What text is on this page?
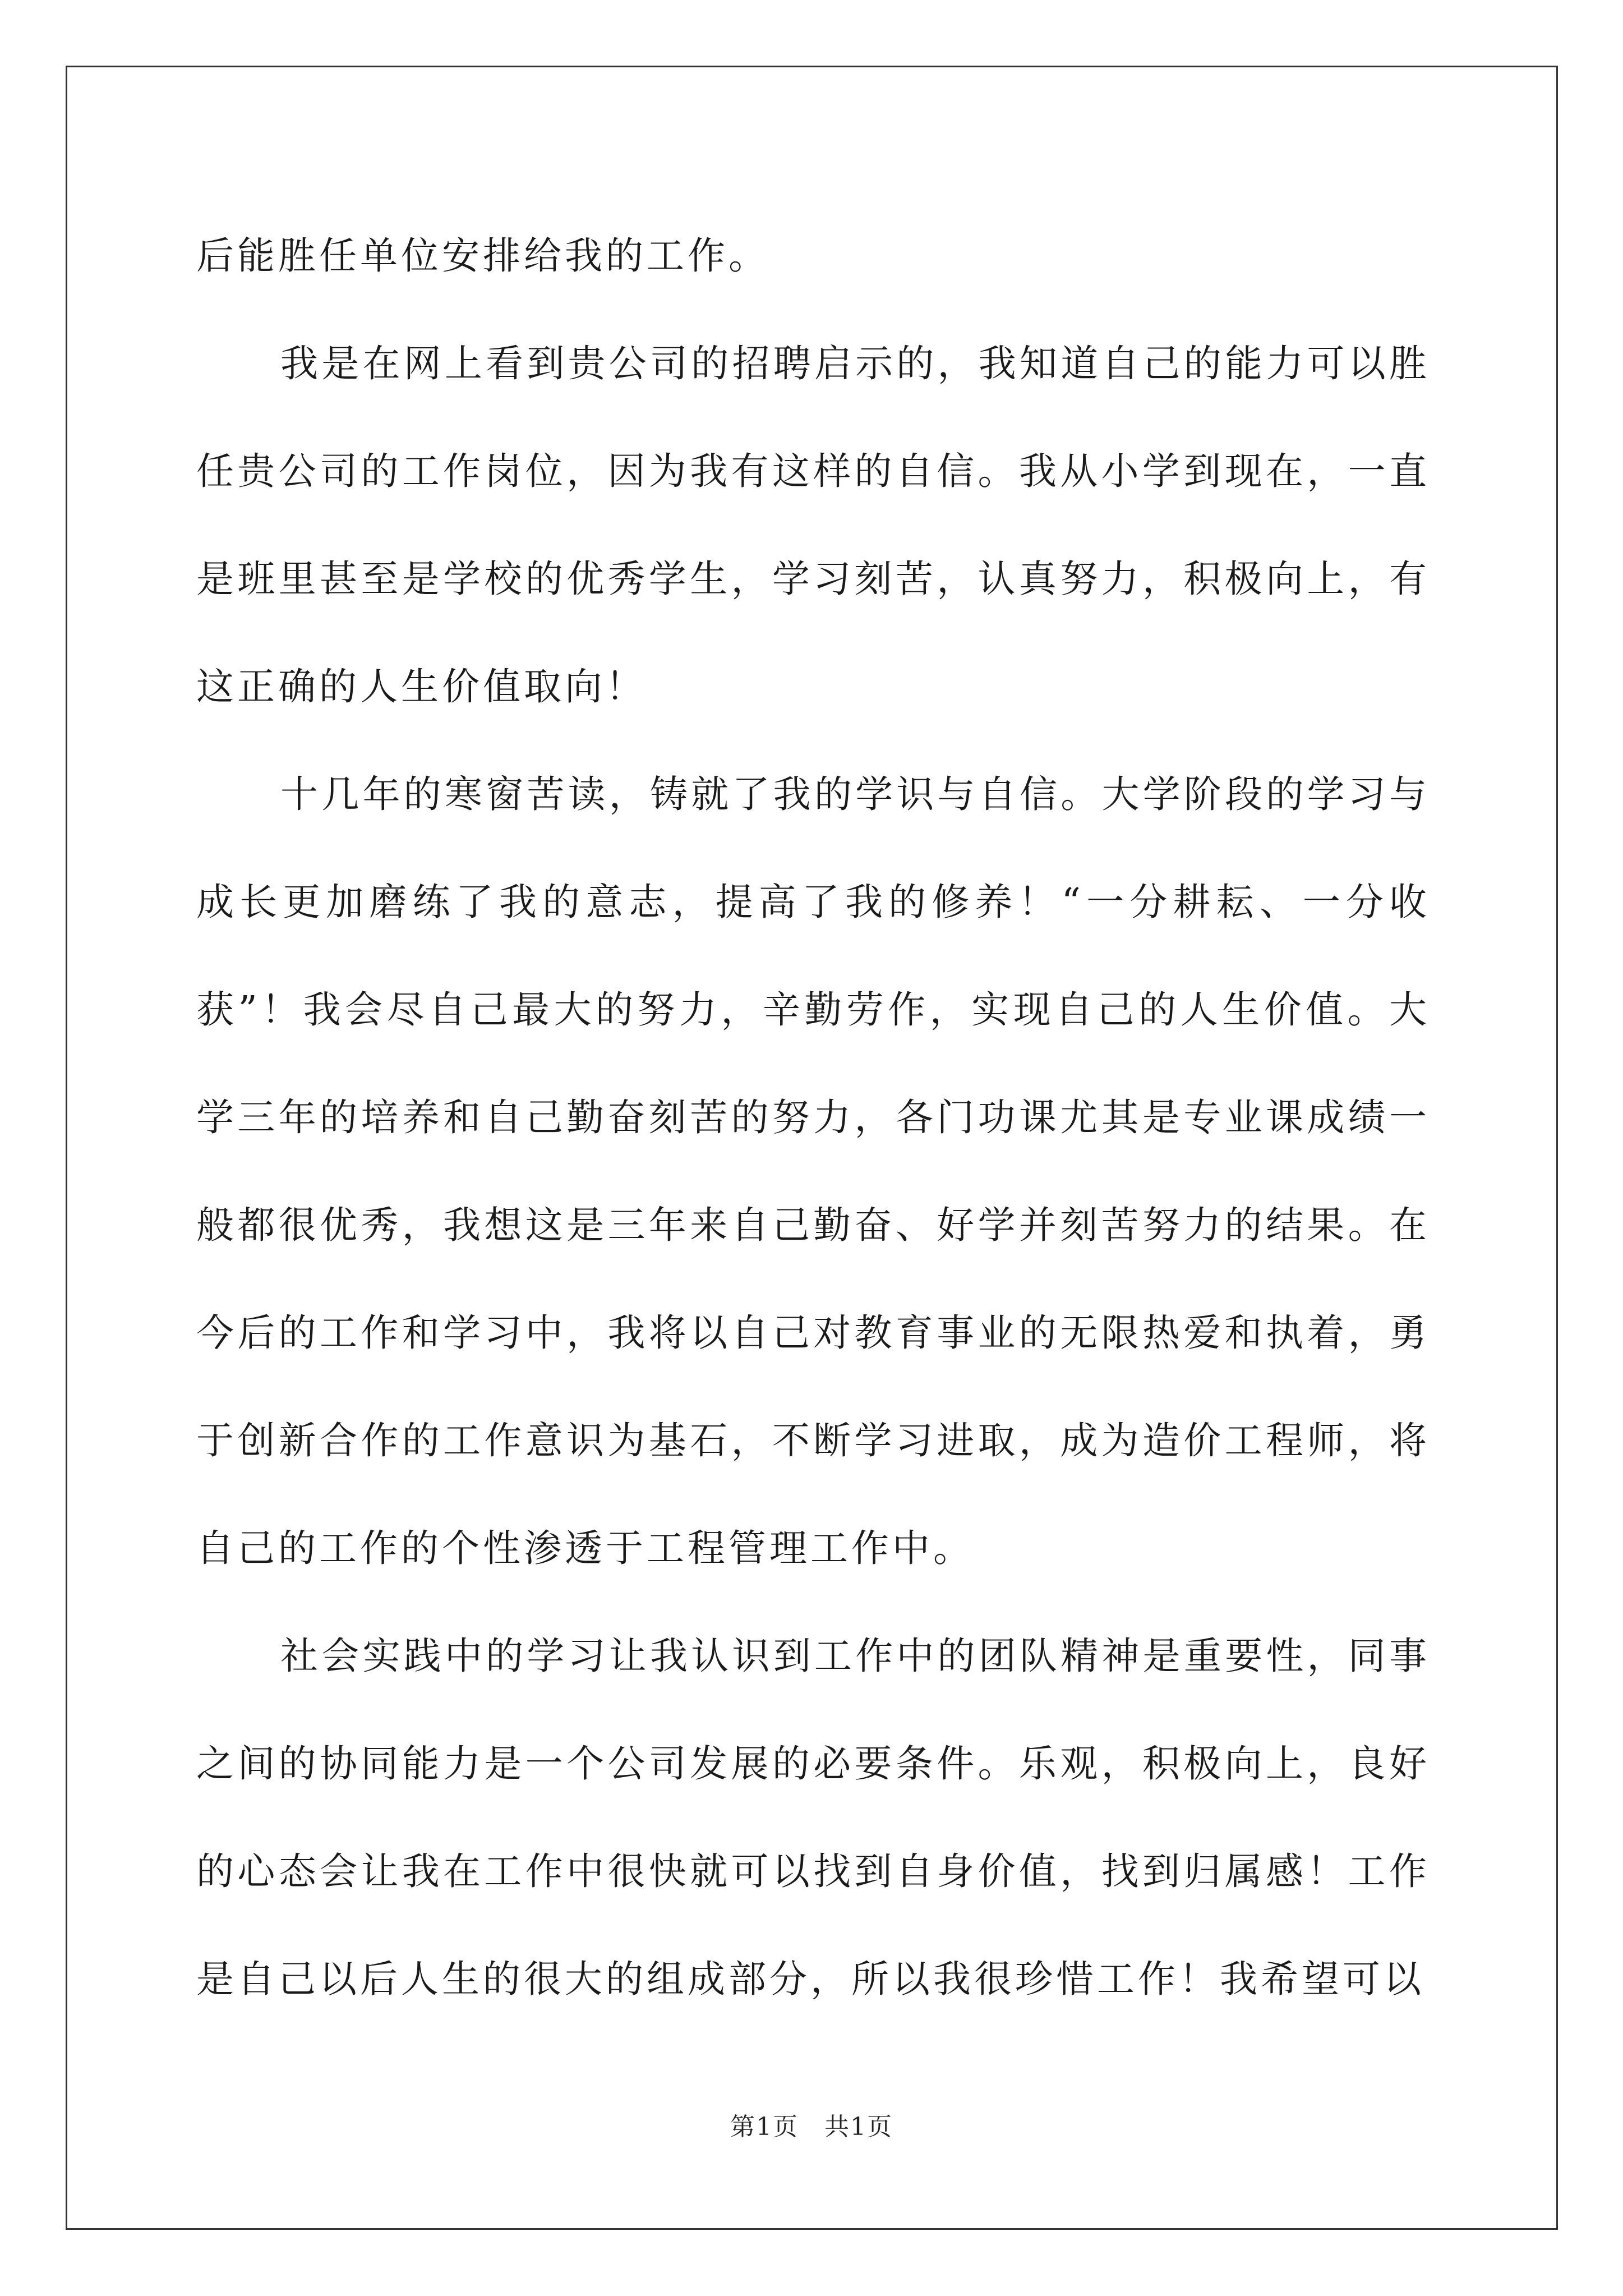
后能胜任单位安排给我的工作。

我是在网上看到贵公司的招聘启示的，我知道自己的能力可以胜任贵公司的工作岗位，因为我有这样的自信。我从小学到现在，一直是班里甚至是学校的优秀学生，学习刻苦，认真努力，积极向上，有这正确的人生价值取向！

十几年的寒窗苦读，铸就了我的学识与自信。大学阶段的学习与成长更加磨练了我的意志，提高了我的修养！“一分耕耘、一分收获”！我会尽自己最大的努力，辛勤劳作，实现自己的人生价值。大学三年的培养和自己勤奋刻苦的努力，各门功课尤其是专业课成绩一般都很优秀，我想这是三年来自己勤奋、好学并刻苦努力的结果。在今后的工作和学习中，我将以自己对教育事业的无限热爱和执着，勇于创新合作的工作意识为基石，不断学习进取，成为造价工程师，将自己的工作的个性渗透于工程管理工作中。

社会实践中的学习让我认识到工作中的团队精神是重要性，同事之间的协同能力是一个公司发展的必要条件。乐观，积极向上，良好的心态会让我在工作中很快就可以找到自身价值，找到归属感！工作是自己以后人生的很大的组成部分，所以我很珍惜工作！我希望可以

第1页　共1页
